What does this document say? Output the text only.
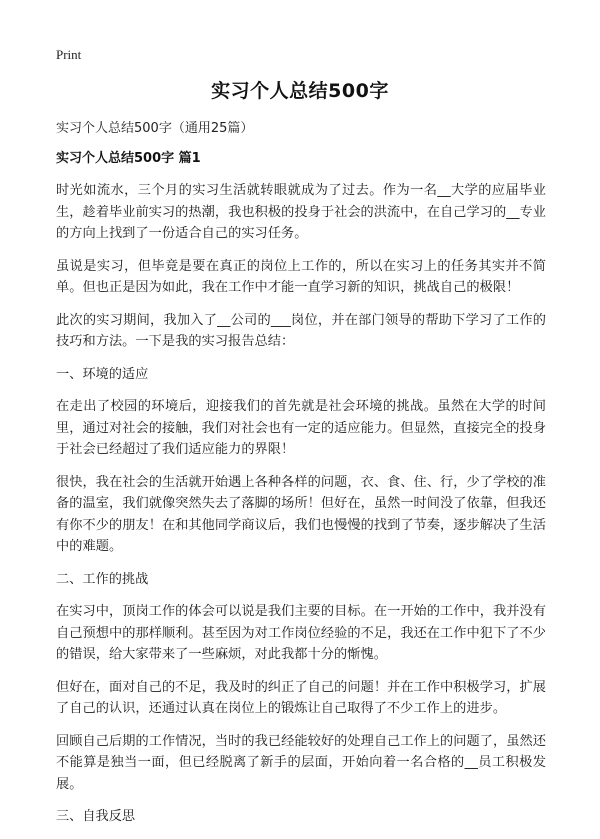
Print
实习个人总结500字
实习个人总结500字（通用25篇）
实习个人总结500字 篇1

时光如流水，三个月的实习生活就转眼就成为了过去。作为一名__大学的应届毕业生，趁着毕业前实习的热潮，我也积极的投身于社会的洪流中，在自己学习的__专业的方向上找到了一份适合自己的实习任务。

虽说是实习，但毕竟是要在真正的岗位上工作的，所以在实习上的任务其实并不简单。但也正是因为如此，我在工作中才能一直学习新的知识，挑战自己的极限！

此次的实习期间，我加入了__公司的___岗位，并在部门领导的帮助下学习了工作的技巧和方法。一下是我的实习报告总结：

一、环境的适应

在走出了校园的环境后，迎接我们的首先就是社会环境的挑战。虽然在大学的时间里，通过对社会的接触，我们对社会也有一定的适应能力。但显然，直接完全的投身于社会已经超过了我们适应能力的界限！

很快，我在社会的生活就开始遇上各种各样的问题，衣、食、住、行，少了学校的准备的温室，我们就像突然失去了落脚的场所！但好在，虽然一时间没了依靠，但我还有你不少的朋友！在和其他同学商议后，我们也慢慢的找到了节奏，逐步解决了生活中的难题。

二、工作的挑战

在实习中，顶岗工作的体会可以说是我们主要的目标。在一开始的工作中，我并没有自己预想中的那样顺利。甚至因为对工作岗位经验的不足，我还在工作中犯下了不少的错误，给大家带来了一些麻烦，对此我都十分的惭愧。

但好在，面对自己的不足，我及时的纠正了自己的问题！并在工作中积极学习，扩展了自己的认识，还通过认真在岗位上的锻炼让自己取得了不少工作上的进步。

回顾自己后期的工作情况，当时的我已经能较好的处理自己工作上的问题了，虽然还不能算是独当一面，但已经脱离了新手的层面，开始向着一名合格的__员工积极发展。

三、自我反思
